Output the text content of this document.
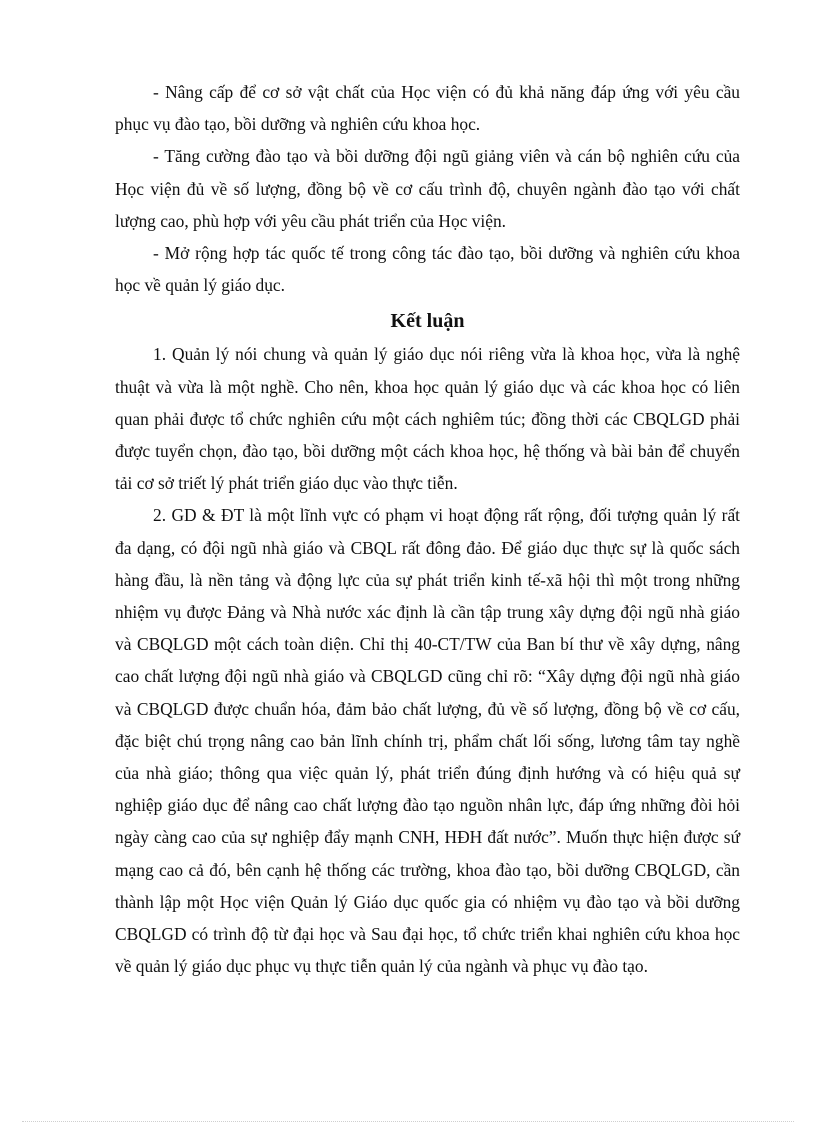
- Nâng cấp để cơ sở vật chất của Học viện có đủ khả năng đáp ứng với yêu cầu phục vụ đào tạo, bồi dưỡng và nghiên cứu khoa học.

- Tăng cường đào tạo và bồi dưỡng đội ngũ giảng viên và cán bộ nghiên cứu của Học viện đủ về số lượng, đồng bộ về cơ cấu trình độ, chuyên ngành đào tạo với chất lượng cao, phù hợp với yêu cầu phát triển của Học viện.

- Mở rộng hợp tác quốc tế trong công tác đào tạo, bồi dưỡng và nghiên cứu khoa học về quản lý giáo dục.

Kết luận

1. Quản lý nói chung và quản lý giáo dục nói riêng vừa là khoa học, vừa là nghệ thuật và vừa là một nghề. Cho nên, khoa học quản lý giáo dục và các khoa học có liên quan phải được tổ chức nghiên cứu một cách nghiêm túc; đồng thời các CBQLGD phải được tuyển chọn, đào tạo, bồi dưỡng một cách khoa học, hệ thống và bài bản để chuyển tải cơ sở triết lý phát triển giáo dục vào thực tiễn.

2. GD & ĐT là một lĩnh vực có phạm vi hoạt động rất rộng, đối tượng quản lý rất đa dạng, có đội ngũ nhà giáo và CBQL rất đông đảo. Để giáo dục thực sự là quốc sách hàng đầu, là nền tảng và động lực của sự phát triển kinh tế-xã hội thì một trong những nhiệm vụ được Đảng và Nhà nước xác định là cần tập trung xây dựng đội ngũ nhà giáo và CBQLGD một cách toàn diện. Chỉ thị 40-CT/TW của Ban bí thư về xây dựng, nâng cao chất lượng đội ngũ nhà giáo và CBQLGD cũng chỉ rõ: “Xây dựng đội ngũ nhà giáo và CBQLGD được chuẩn hóa, đảm bảo chất lượng, đủ về số lượng, đồng bộ về cơ cấu, đặc biệt chú trọng nâng cao bản lĩnh chính trị, phẩm chất lối sống, lương tâm tay nghề của nhà giáo; thông qua việc quản lý, phát triển đúng định hướng và có hiệu quả sự nghiệp giáo dục để nâng cao chất lượng đào tạo nguồn nhân lực, đáp ứng những đòi hỏi ngày càng cao của sự nghiệp đẩy mạnh CNH, HĐH đất nước”. Muốn thực hiện được sứ mạng cao cả đó, bên cạnh hệ thống các trường, khoa đào tạo, bồi dưỡng CBQLGD, cần thành lập một Học viện Quản lý Giáo dục quốc gia có nhiệm vụ đào tạo và bồi dưỡng CBQLGD có trình độ từ đại học và Sau đại học, tổ chức triển khai nghiên cứu khoa học về quản lý giáo dục phục vụ thực tiễn quản lý của ngành và phục vụ đào tạo.
